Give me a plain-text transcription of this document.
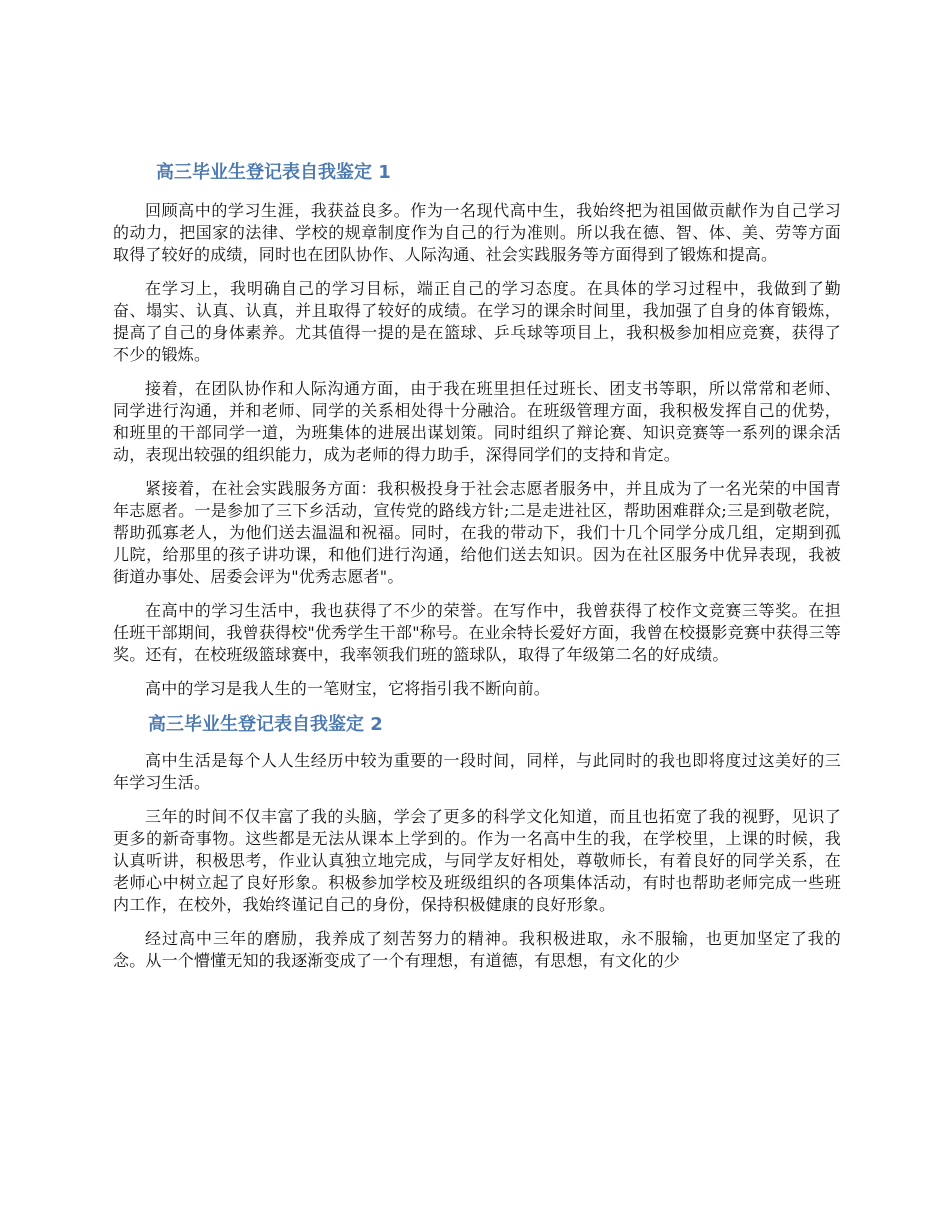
高三毕业生登记表自我鉴定 1

回顾高中的学习生涯，我获益良多。作为一名现代高中生，我始终把为祖国做贡献作为自己学习的动力，把国家的法律、学校的规章制度作为自己的行为准则。所以我在德、智、体、美、劳等方面取得了较好的成绩，同时也在团队协作、人际沟通、社会实践服务等方面得到了锻炼和提高。

在学习上，我明确自己的学习目标，端正自己的学习态度。在具体的学习过程中，我做到了勤奋、塌实、认真、认真，并且取得了较好的成绩。在学习的课余时间里，我加强了自身的体育锻炼，提高了自己的身体素养。尤其值得一提的是在篮球、乒乓球等项目上，我积极参加相应竞赛，获得了不少的锻炼。

接着，在团队协作和人际沟通方面，由于我在班里担任过班长、团支书等职，所以常常和老师、同学进行沟通，并和老师、同学的关系相处得十分融洽。在班级管理方面，我积极发挥自己的优势，和班里的干部同学一道，为班集体的进展出谋划策。同时组织了辩论赛、知识竞赛等一系列的课余活动，表现出较强的组织能力，成为老师的得力助手，深得同学们的支持和肯定。

紧接着，在社会实践服务方面：我积极投身于社会志愿者服务中，并且成为了一名光荣的中国青年志愿者。一是参加了三下乡活动，宣传党的路线方针;二是走进社区，帮助困难群众;三是到敬老院，帮助孤寡老人，为他们送去温温和祝福。同时，在我的带动下，我们十几个同学分成几组，定期到孤儿院，给那里的孩子讲功课，和他们进行沟通，给他们送去知识。因为在社区服务中优异表现，我被街道办事处、居委会评为"优秀志愿者"。

在高中的学习生活中，我也获得了不少的荣誉。在写作中，我曾获得了校作文竞赛三等奖。在担任班干部期间，我曾获得校"优秀学生干部"称号。在业余特长爱好方面，我曾在校摄影竞赛中获得三等奖。还有，在校班级篮球赛中，我率领我们班的篮球队，取得了年级第二名的好成绩。

高中的学习是我人生的一笔财宝，它将指引我不断向前。

高三毕业生登记表自我鉴定 2

高中生活是每个人人生经历中较为重要的一段时间，同样，与此同时的我也即将度过这美好的三年学习生活。

三年的时间不仅丰富了我的头脑，学会了更多的科学文化知道，而且也拓宽了我的视野，见识了更多的新奇事物。这些都是无法从课本上学到的。作为一名高中生的我，在学校里，上课的时候，我认真听讲，积极思考，作业认真独立地完成，与同学友好相处，尊敬师长，有着良好的同学关系，在老师心中树立起了良好形象。积极参加学校及班级组织的各项集体活动，有时也帮助老师完成一些班内工作，在校外，我始终谨记自己的身份，保持积极健康的良好形象。

经过高中三年的磨励，我养成了刻苦努力的精神。我积极进取，永不服输，也更加坚定了我的念。从一个懵懂无知的我逐渐变成了一个有理想，有道德，有思想，有文化的少
